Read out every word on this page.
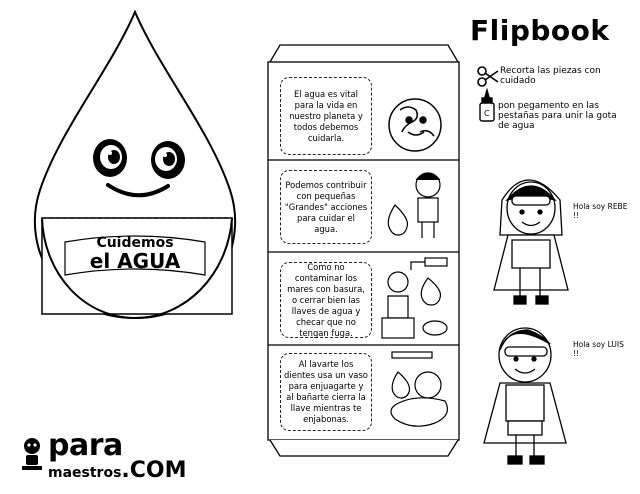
C
Flipbook
Recorta las piezas con cuidado
pon pegamento en las pestañas para unir la gota de agua
Cuidemos
el AGUA
El agua es vital para la vida en nuestro planeta y todos debemos cuidarla.
Podemos contribuir con pequeñas "Grandes" acciones para cuidar el agua.
Como no contaminar los mares con basura, o cerrar bien las llaves de agua y checar que no tengan fuga.
Al lavarte los dientes usa un vaso para enjuagarte y al bañarte cierra la llave mientras te enjabonas.
Hola soy REBE !!
Hola soy LUIS !!
para
maestros.COM
